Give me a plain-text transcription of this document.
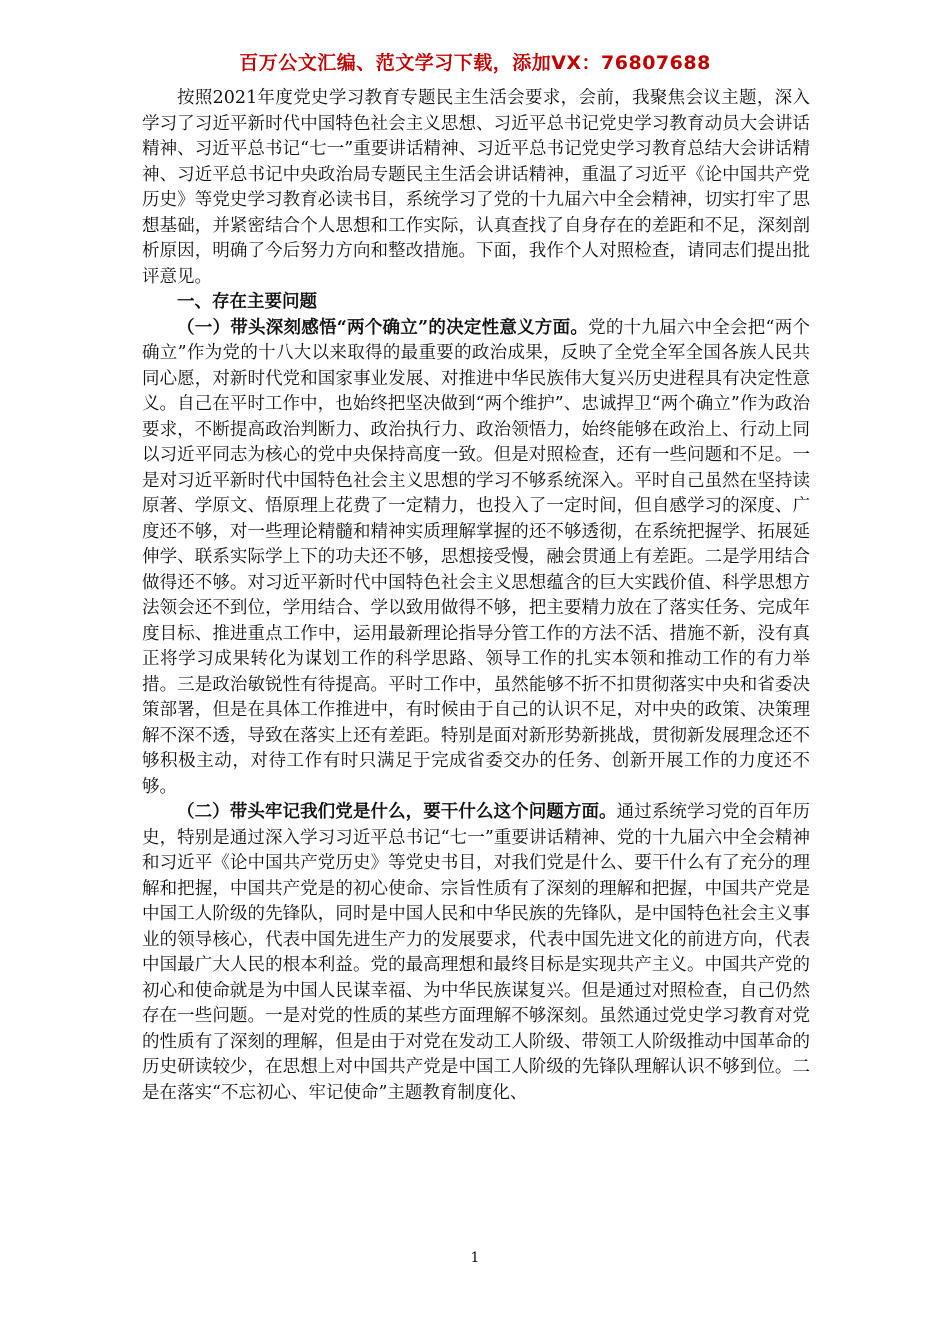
百万公文汇编、范文学习下载，添加VX：76807688

按照2021年度党史学习教育专题民主生活会要求，会前，我聚焦会议主题，深入学习了习近平新时代中国特色社会主义思想、习近平总书记党史学习教育动员大会讲话精神、习近平总书记“七一”重要讲话精神、习近平总书记党史学习教育总结大会讲话精神、习近平总书记中央政治局专题民主生活会讲话精神，重温了习近平《论中国共产党历史》等党史学习教育必读书目，系统学习了党的十九届六中全会精神，切实打牢了思想基础，并紧密结合个人思想和工作实际，认真查找了自身存在的差距和不足，深刻剖析原因，明确了今后努力方向和整改措施。下面，我作个人对照检查，请同志们提出批评意见。

一、存在主要问题

（一）带头深刻感悟“两个确立”的决定性意义方面。党的十九届六中全会把“两个确立”作为党的十八大以来取得的最重要的政治成果，反映了全党全军全国各族人民共同心愿，对新时代党和国家事业发展、对推进中华民族伟大复兴历史进程具有决定性意义。自己在平时工作中，也始终把坚决做到“两个维护”、忠诚捍卫“两个确立”作为政治要求，不断提高政治判断力、政治执行力、政治领悟力，始终能够在政治上、行动上同以习近平同志为核心的党中央保持高度一致。但是对照检查，还有一些问题和不足。一是对习近平新时代中国特色社会主义思想的学习不够系统深入。平时自己虽然在坚持读原著、学原文、悟原理上花费了一定精力，也投入了一定时间，但自感学习的深度、广度还不够，对一些理论精髓和精神实质理解掌握的还不够透彻，在系统把握学、拓展延伸学、联系实际学上下的功夫还不够，思想接受慢，融会贯通上有差距。二是学用结合做得还不够。对习近平新时代中国特色社会主义思想蕴含的巨大实践价值、科学思想方法领会还不到位，学用结合、学以致用做得不够，把主要精力放在了落实任务、完成年度目标、推进重点工作中，运用最新理论指导分管工作的方法不活、措施不新，没有真正将学习成果转化为谋划工作的科学思路、领导工作的扎实本领和推动工作的有力举措。三是政治敏锐性有待提高。平时工作中，虽然能够不折不扣贯彻落实中央和省委决策部署，但是在具体工作推进中，有时候由于自己的认识不足，对中央的政策、决策理解不深不透，导致在落实上还有差距。特别是面对新形势新挑战，贯彻新发展理念还不够积极主动，对待工作有时只满足于完成省委交办的任务、创新开展工作的力度还不够。

（二）带头牢记我们党是什么，要干什么这个问题方面。通过系统学习党的百年历史，特别是通过深入学习习近平总书记“七一”重要讲话精神、党的十九届六中全会精神和习近平《论中国共产党历史》等党史书目，对我们党是什么、要干什么有了充分的理解和把握，中国共产党是的初心使命、宗旨性质有了深刻的理解和把握，中国共产党是中国工人阶级的先锋队，同时是中国人民和中华民族的先锋队，是中国特色社会主义事业的领导核心，代表中国先进生产力的发展要求，代表中国先进文化的前进方向，代表中国最广大人民的根本利益。党的最高理想和最终目标是实现共产主义。中国共产党的初心和使命就是为中国人民谋幸福、为中华民族谋复兴。但是通过对照检查，自己仍然存在一些问题。一是对党的性质的某些方面理解不够深刻。虽然通过党史学习教育对党的性质有了深刻的理解，但是由于对党在发动工人阶级、带领工人阶级推动中国革命的历史研读较少，在思想上对中国共产党是中国工人阶级的先锋队理解认识不够到位。二是在落实“不忘初心、牢记使命”主题教育制度化、

1
